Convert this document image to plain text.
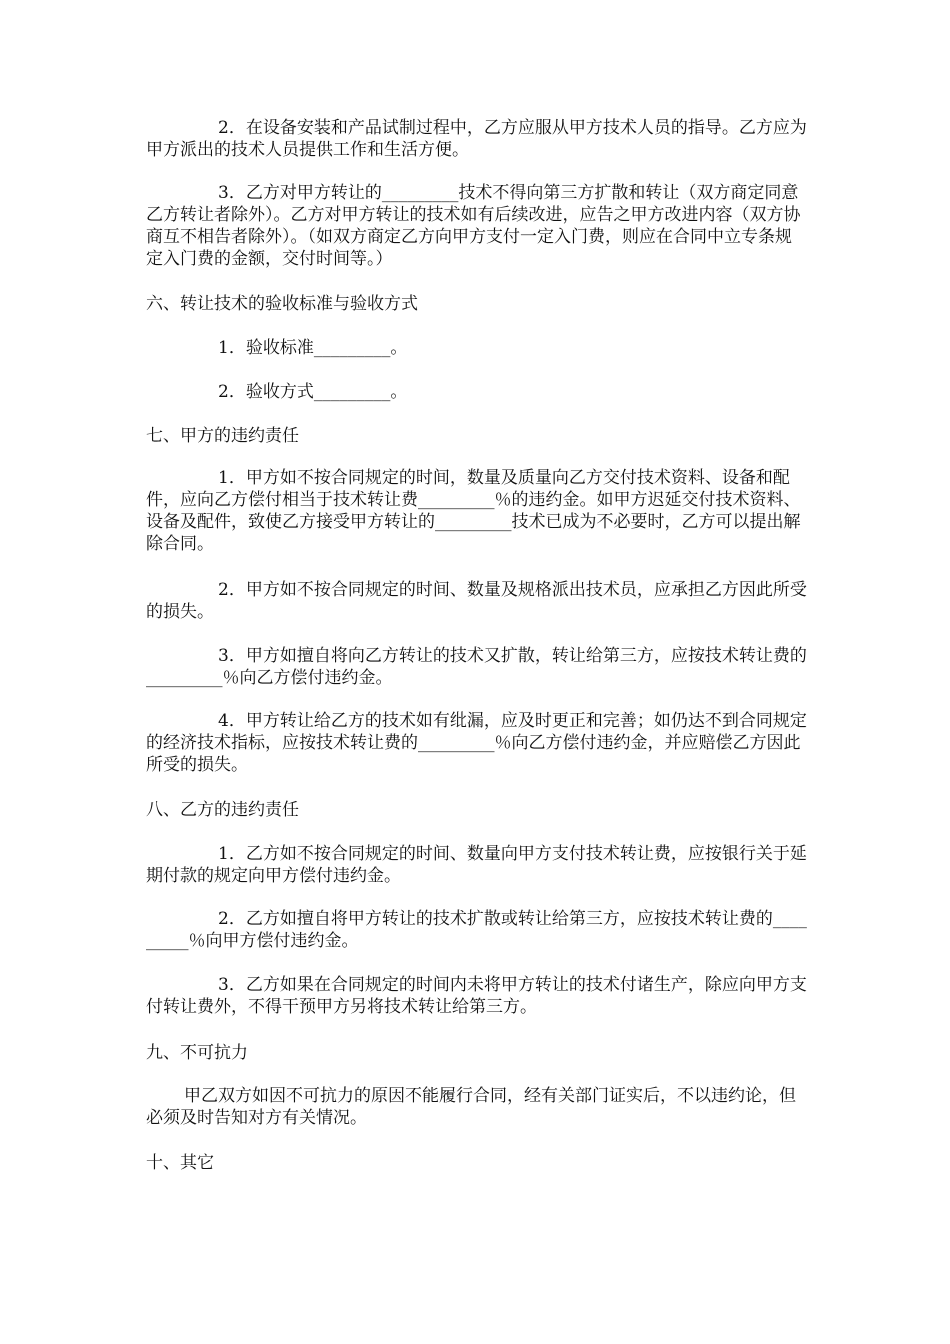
2．在设备安装和产品试制过程中，乙方应服从甲方技术人员的指导。乙方应为甲方派出的技术人员提供工作和生活方便。

3．乙方对甲方转让的_________技术不得向第三方扩散和转让（双方商定同意乙方转让者除外）。乙方对甲方转让的技术如有后续改进，应告之甲方改进内容（双方协商互不相告者除外）。（如双方商定乙方向甲方支付一定入门费，则应在合同中立专条规定入门费的金额，交付时间等。）

六、转让技术的验收标准与验收方式

1．验收标准_________。

2．验收方式_________。

七、甲方的违约责任

1．甲方如不按合同规定的时间，数量及质量向乙方交付技术资料、设备和配件，应向乙方偿付相当于技术转让费_________％的违约金。如甲方迟延交付技术资料、设备及配件，致使乙方接受甲方转让的_________技术已成为不必要时，乙方可以提出解除合同。

2．甲方如不按合同规定的时间、数量及规格派出技术员，应承担乙方因此所受的损失。

3．甲方如擅自将向乙方转让的技术又扩散，转让给第三方，应按技术转让费的_________％向乙方偿付违约金。

4．甲方转让给乙方的技术如有纰漏，应及时更正和完善；如仍达不到合同规定的经济技术指标，应按技术转让费的_________％向乙方偿付违约金，并应赔偿乙方因此所受的损失。

八、乙方的违约责任

1．乙方如不按合同规定的时间、数量向甲方支付技术转让费，应按银行关于延期付款的规定向甲方偿付违约金。

2．乙方如擅自将甲方转让的技术扩散或转让给第三方，应按技术转让费的_________％向甲方偿付违约金。

3．乙方如果在合同规定的时间内未将甲方转让的技术付诸生产，除应向甲方支付转让费外，不得干预甲方另将技术转让给第三方。

九、不可抗力

甲乙双方如因不可抗力的原因不能履行合同，经有关部门证实后，不以违约论，但必须及时告知对方有关情况。

十、其它
